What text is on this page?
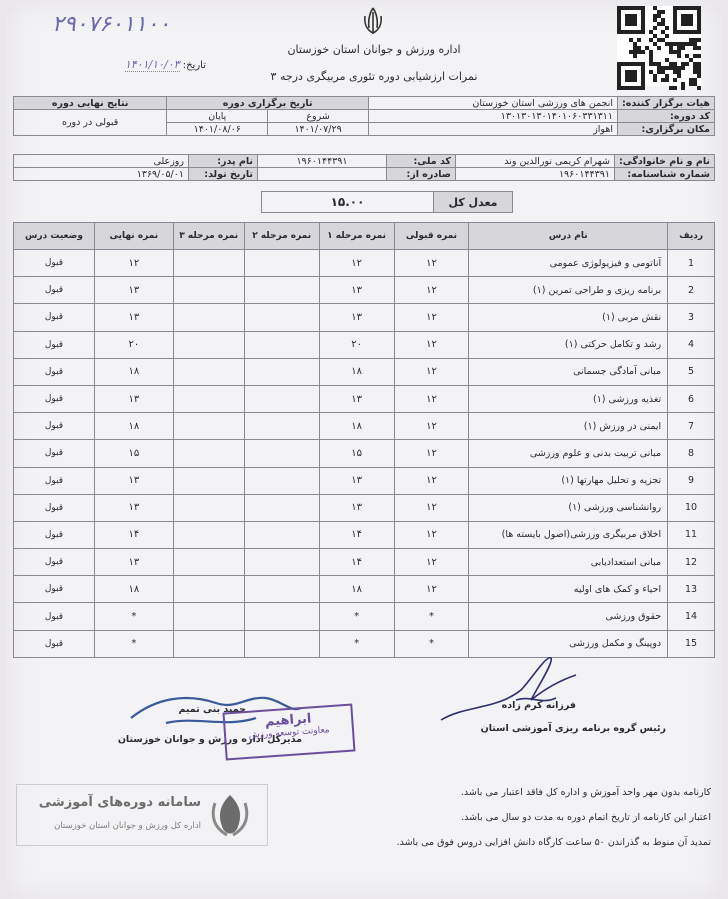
اداره ورزش و جوانان استان خوزستان
نمرات ارزشیابی دوره تئوری مربیگری درجه ۳
۲۹۰۷۶۰۱۱۰۰
تاریخ: ۱۴۰۱/۱۰/۰۳
هیات برگزار کننده:	انجمن های ورزشی استان خوزستان	تاریخ برگزاری دوره		نتایج نهایی دوره
کد دوره:	۱۳۰۱۳۰۱۳۰۱۴۰۱۰۶۰۳۳۱۳۱۱	شروع	پایان	قبولی در دوره
مکان برگزاری:	اهواز	۱۴۰۱/۰۷/۲۹	۱۴۰۱/۰۸/۰۶	
نام و نام خانوادگی:	شهرام کریمی نورالدین وند	کد ملی:	۱۹۶۰۱۴۴۳۹۱	نام پدر:	روزعلی
شماره شناسنامه:	۱۹۶۰۱۴۴۳۹۱	صادره از:		تاریخ تولد:	۱۳۶۹/۰۵/۰۱
معدل کل	۱۵.۰۰
ردیف	نام درس	نمره قبولی	نمره مرحله ۱	نمره مرحله ۲	نمره مرحله ۳	نمره نهایی	وضعیت درس
1	آناتومی و فیزیولوژی عمومی	۱۲	۱۲			۱۲	قبول
2	برنامه ریزی و طراحی تمرین (۱)	۱۲	۱۳			۱۳	قبول
3	نقش مربی (۱)	۱۲	۱۳			۱۳	قبول
4	رشد و تکامل حرکتی (۱)	۱۲	۲۰			۲۰	قبول
5	مبانی آمادگی جسمانی	۱۲	۱۸			۱۸	قبول
6	تغذیه ورزشی (۱)	۱۲	۱۳			۱۳	قبول
7	ایمنی در ورزش (۱)	۱۲	۱۸			۱۸	قبول
8	مبانی تربیت بدنی و علوم ورزشی	۱۲	۱۵			۱۵	قبول
9	تجزیه و تحلیل مهارتها (۱)	۱۲	۱۳			۱۳	قبول
10	روانشناسی ورزشی (۱)	۱۲	۱۳			۱۳	قبول
11	اخلاق مربیگری ورزشی(اصول بایسته ها)	۱۲	۱۴			۱۴	قبول
12	مبانی استعدادیابی	۱۲	۱۴			۱۳	قبول
13	احیاء و کمک های اولیه	۱۲	۱۸			۱۸	قبول
14	حقوق ورزشی	*	*			*	قبول
15	دوپینگ و مکمل ورزشی	*	*			*	قبول
فرزانه کرم زاده
رئیس گروه برنامه ریزی آموزشی استان
حمید بنی تمیم
مدیرکل اداره ورزش و جوانان خوزستان
ابراهیم
معاونت توسعه ورزش
کارنامه بدون مهر واحد آموزش و اداره کل فاقد اعتبار می باشد.
اعتبار این کارنامه از تاریخ اتمام دوره به مدت دو سال می باشد.
تمدید آن منوط به گذراندن ۵۰ ساعت کارگاه دانش افزایی دروس فوق می باشد.
سامانه دوره‌های آموزشی
اداره کل ورزش و جوانان استان خوزستان
